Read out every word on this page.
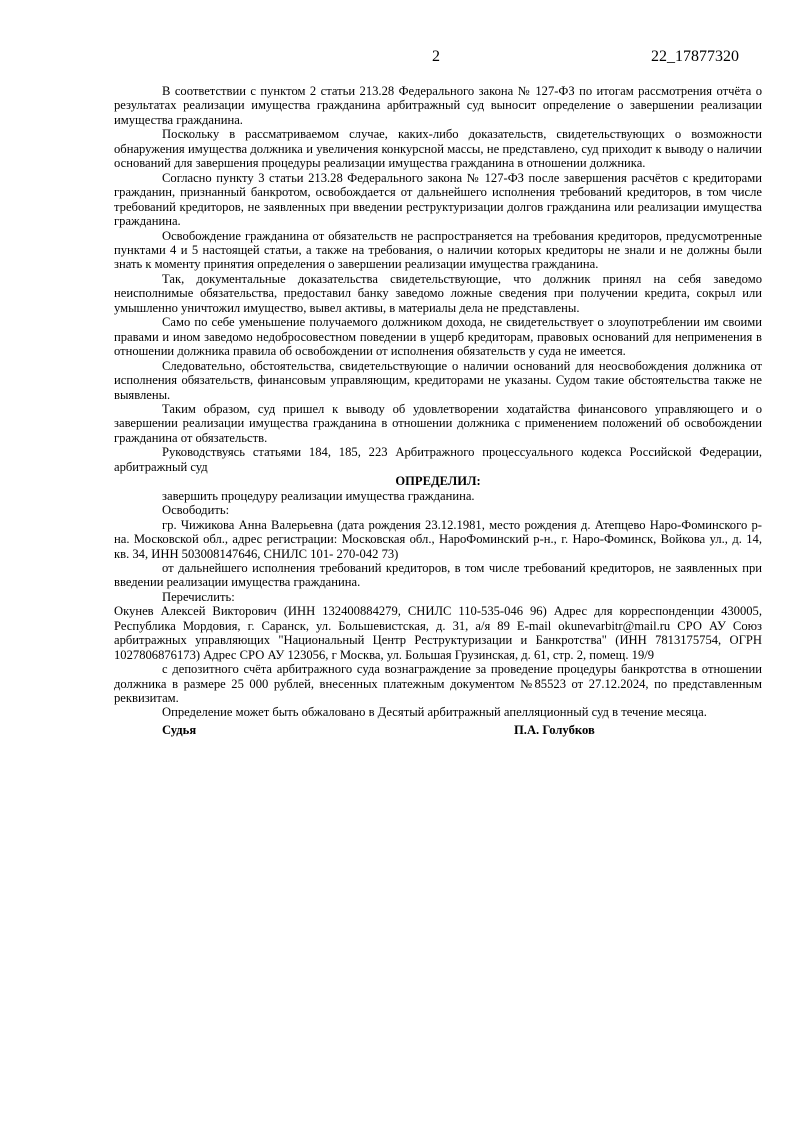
2	22_17877320

В соответствии с пунктом 2 статьи 213.28 Федерального закона № 127-ФЗ по итогам рассмотрения отчёта о результатах реализации имущества гражданина арбитражный суд выносит определение о завершении реализации имущества гражданина.

Поскольку в рассматриваемом случае, каких-либо доказательств, свидетельствующих о возможности обнаружения имущества должника и увеличения конкурсной массы, не представлено, суд приходит к выводу о наличии оснований для завершения процедуры реализации имущества гражданина в отношении должника.

Согласно пункту 3 статьи 213.28 Федерального закона № 127-ФЗ после завершения расчётов с кредиторами гражданин, признанный банкротом, освобождается от дальнейшего исполнения требований кредиторов, в том числе требований кредиторов, не заявленных при введении реструктуризации долгов гражданина или реализации имущества гражданина.

Освобождение гражданина от обязательств не распространяется на требования кредиторов, предусмотренные пунктами 4 и 5 настоящей статьи, а также на требования, о наличии которых кредиторы не знали и не должны были знать к моменту принятия определения о завершении реализации имущества гражданина.

Так, документальные доказательства свидетельствующие, что должник принял на себя заведомо неисполнимые обязательства, предоставил банку заведомо ложные сведения при получении кредита, сокрыл или умышленно уничтожил имущество, вывел активы, в материалы дела не представлены.

Само по себе уменьшение получаемого должником дохода, не свидетельствует о злоупотреблении им своими правами и ином заведомо недобросовестном поведении в ущерб кредиторам, правовых оснований для неприменения в отношении должника правила об освобождении от исполнения обязательств у суда не имеется.

Следовательно, обстоятельства, свидетельствующие о наличии оснований для неосвобождения должника от исполнения обязательств, финансовым управляющим, кредиторами не указаны. Судом такие обстоятельства также не выявлены.

Таким образом, суд пришел к выводу об удовлетворении ходатайства финансового управляющего и о завершении реализации имущества гражданина в отношении должника с применением положений об освобождении гражданина от обязательств.

Руководствуясь статьями 184, 185, 223 Арбитражного процессуального кодекса Российской Федерации, арбитражный суд

ОПРЕДЕЛИЛ:

завершить процедуру реализации имущества гражданина.

Освободить:

гр. Чижикова Анна Валерьевна (дата рождения 23.12.1981, место рождения д. Атепцево Наро-Фоминского р-на. Московской обл., адрес регистрации: Московская обл., НароФоминский р-н., г. Наро-Фоминск, Войкова ул., д. 14, кв. 34, ИНН 503008147646, СНИЛС 101- 270-042 73)

от дальнейшего исполнения требований кредиторов, в том числе требований кредиторов, не заявленных при введении реализации имущества гражданина.

Перечислить:

Окунев Алексей Викторович (ИНН 132400884279, СНИЛС 110-535-046 96) Адрес для корреспонденции 430005, Республика Мордовия, г. Саранск, ул. Большевистская, д. 31, а/я 89 E-mail okunevarbitr@mail.ru СРО АУ Союз арбитражных управляющих "Национальный Центр Реструктуризации и Банкротства" (ИНН 7813175754, ОГРН 1027806876173) Адрес СРО АУ 123056, г Москва, ул. Большая Грузинская, д. 61, стр. 2, помещ. 19/9

с депозитного счёта арбитражного суда вознаграждение за проведение процедуры банкротства в отношении должника в размере 25 000 рублей, внесенных платежным документом №85523 от 27.12.2024, по представленным реквизитам.

Определение может быть обжаловано в Десятый арбитражный апелляционный суд в течение месяца.

Судья	П.А. Голубков
